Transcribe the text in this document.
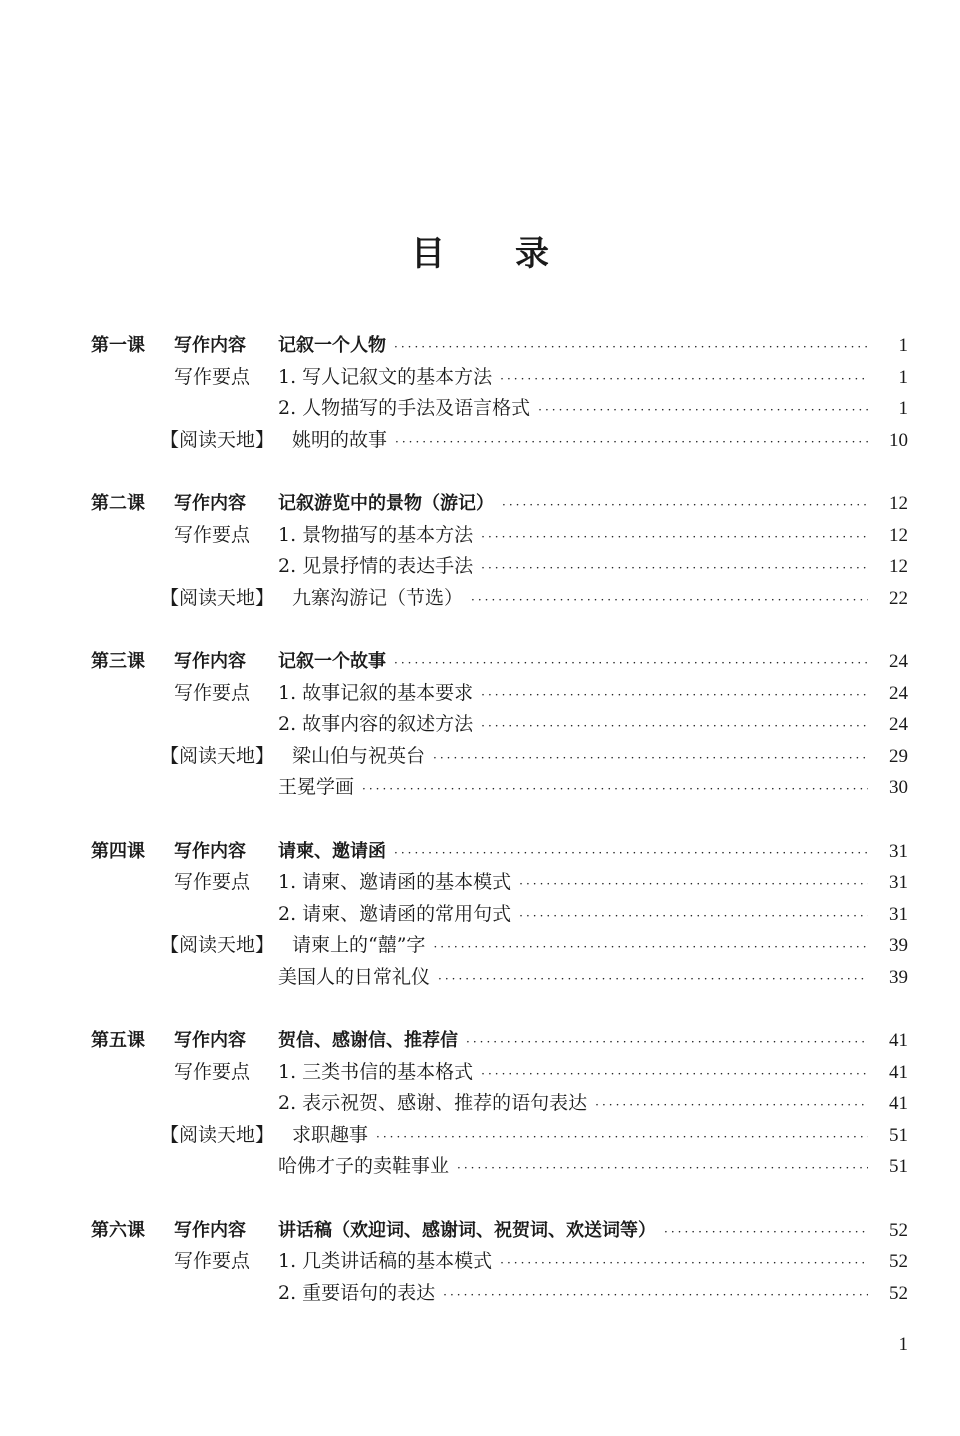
目录
第一课 写作内容 记叙一个人物 ·····	1
写作要点 1. 写人记叙文的基本方法 ·····	1
2. 人物描写的手法及语言格式 ·····	1
【阅读天地】 姚明的故事 ·····	10
第二课 写作内容 记叙游览中的景物（游记） ·····	12
写作要点 1. 景物描写的基本方法 ·····	12
2. 见景抒情的表达手法 ·····	12
【阅读天地】 九寨沟游记（节选） ·····	22
第三课 写作内容 记叙一个故事 ·····	24
写作要点 1. 故事记叙的基本要求 ·····	24
2. 故事内容的叙述方法 ·····	24
【阅读天地】 梁山伯与祝英台 ·····	29
王冕学画 ·····	30
第四课 写作内容 请柬、邀请函 ·····	31
写作要点 1. 请柬、邀请函的基本模式 ·····	31
2. 请柬、邀请函的常用句式 ·····	31
【阅读天地】 请柬上的“囍”字 ·····	39
美国人的日常礼仪 ·····	39
第五课 写作内容 贺信、感谢信、推荐信 ·····	41
写作要点 1. 三类书信的基本格式 ·····	41
2. 表示祝贺、感谢、推荐的语句表达 ·····	41
【阅读天地】 求职趣事 ·····	51
哈佛才子的卖鞋事业 ·····	51
第六课 写作内容 讲话稿（欢迎词、感谢词、祝贺词、欢送词等） ·····	52
写作要点 1. 几类讲话稿的基本模式 ·····	52
2. 重要语句的表达 ·····	52
1
